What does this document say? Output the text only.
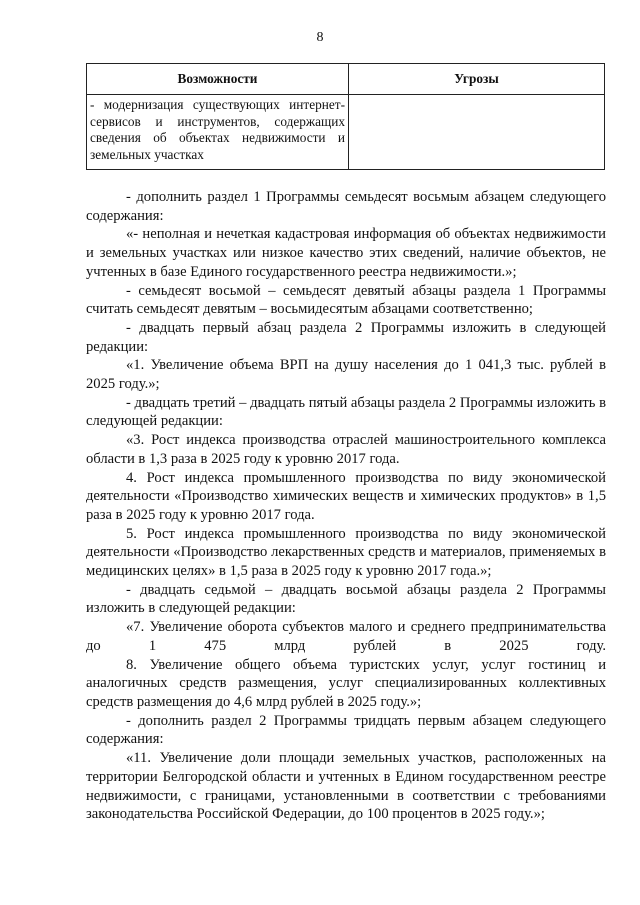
8
Возможности	Угрозы
- модернизация существующих интернет-сервисов и инструментов, содержащих сведения об объектах недвижимости и земельных участках	

- дополнить раздел 1 Программы семьдесят восьмым абзацем следующего содержания:

«- неполная и нечеткая кадастровая информация об объектах недвижимости и земельных участках или низкое качество этих сведений, наличие объектов, не учтенных в базе Единого государственного реестра недвижимости.»;

- семьдесят восьмой – семьдесят девятый абзацы раздела 1 Программы считать семьдесят девятым – восьмидесятым абзацами соответственно;

- двадцать первый абзац раздела 2 Программы изложить в следующей редакции:

«1. Увеличение объема ВРП на душу населения до 1 041,3 тыс. рублей в 2025 году.»;

- двадцать третий – двадцать пятый абзацы раздела 2 Программы изложить в следующей редакции:

«3. Рост индекса производства отраслей машиностроительного комплекса области в 1,3 раза в 2025 году к уровню 2017 года.

4. Рост индекса промышленного производства по виду экономической деятельности «Производство химических веществ и химических продуктов» в 1,5 раза в 2025 году к уровню 2017 года.

5. Рост индекса промышленного производства по виду экономической деятельности «Производство лекарственных средств и материалов, применяемых в медицинских целях» в 1,5 раза в 2025 году к уровню 2017 года.»;

- двадцать седьмой – двадцать восьмой абзацы раздела 2 Программы изложить в следующей редакции:

«7. Увеличение оборота субъектов малого и среднего предпринимательства до 1 475 млрд рублей в 2025 году.

8. Увеличение общего объема туристских услуг, услуг гостиниц и аналогичных средств размещения, услуг специализированных коллективных средств размещения до 4,6 млрд рублей в 2025 году.»;

- дополнить раздел 2 Программы тридцать первым абзацем следующего содержания:

«11. Увеличение доли площади земельных участков, расположенных на территории Белгородской области и учтенных в Едином государственном реестре недвижимости, с границами, установленными в соответствии с требованиями законодательства Российской Федерации, до 100 процентов в 2025 году.»;
